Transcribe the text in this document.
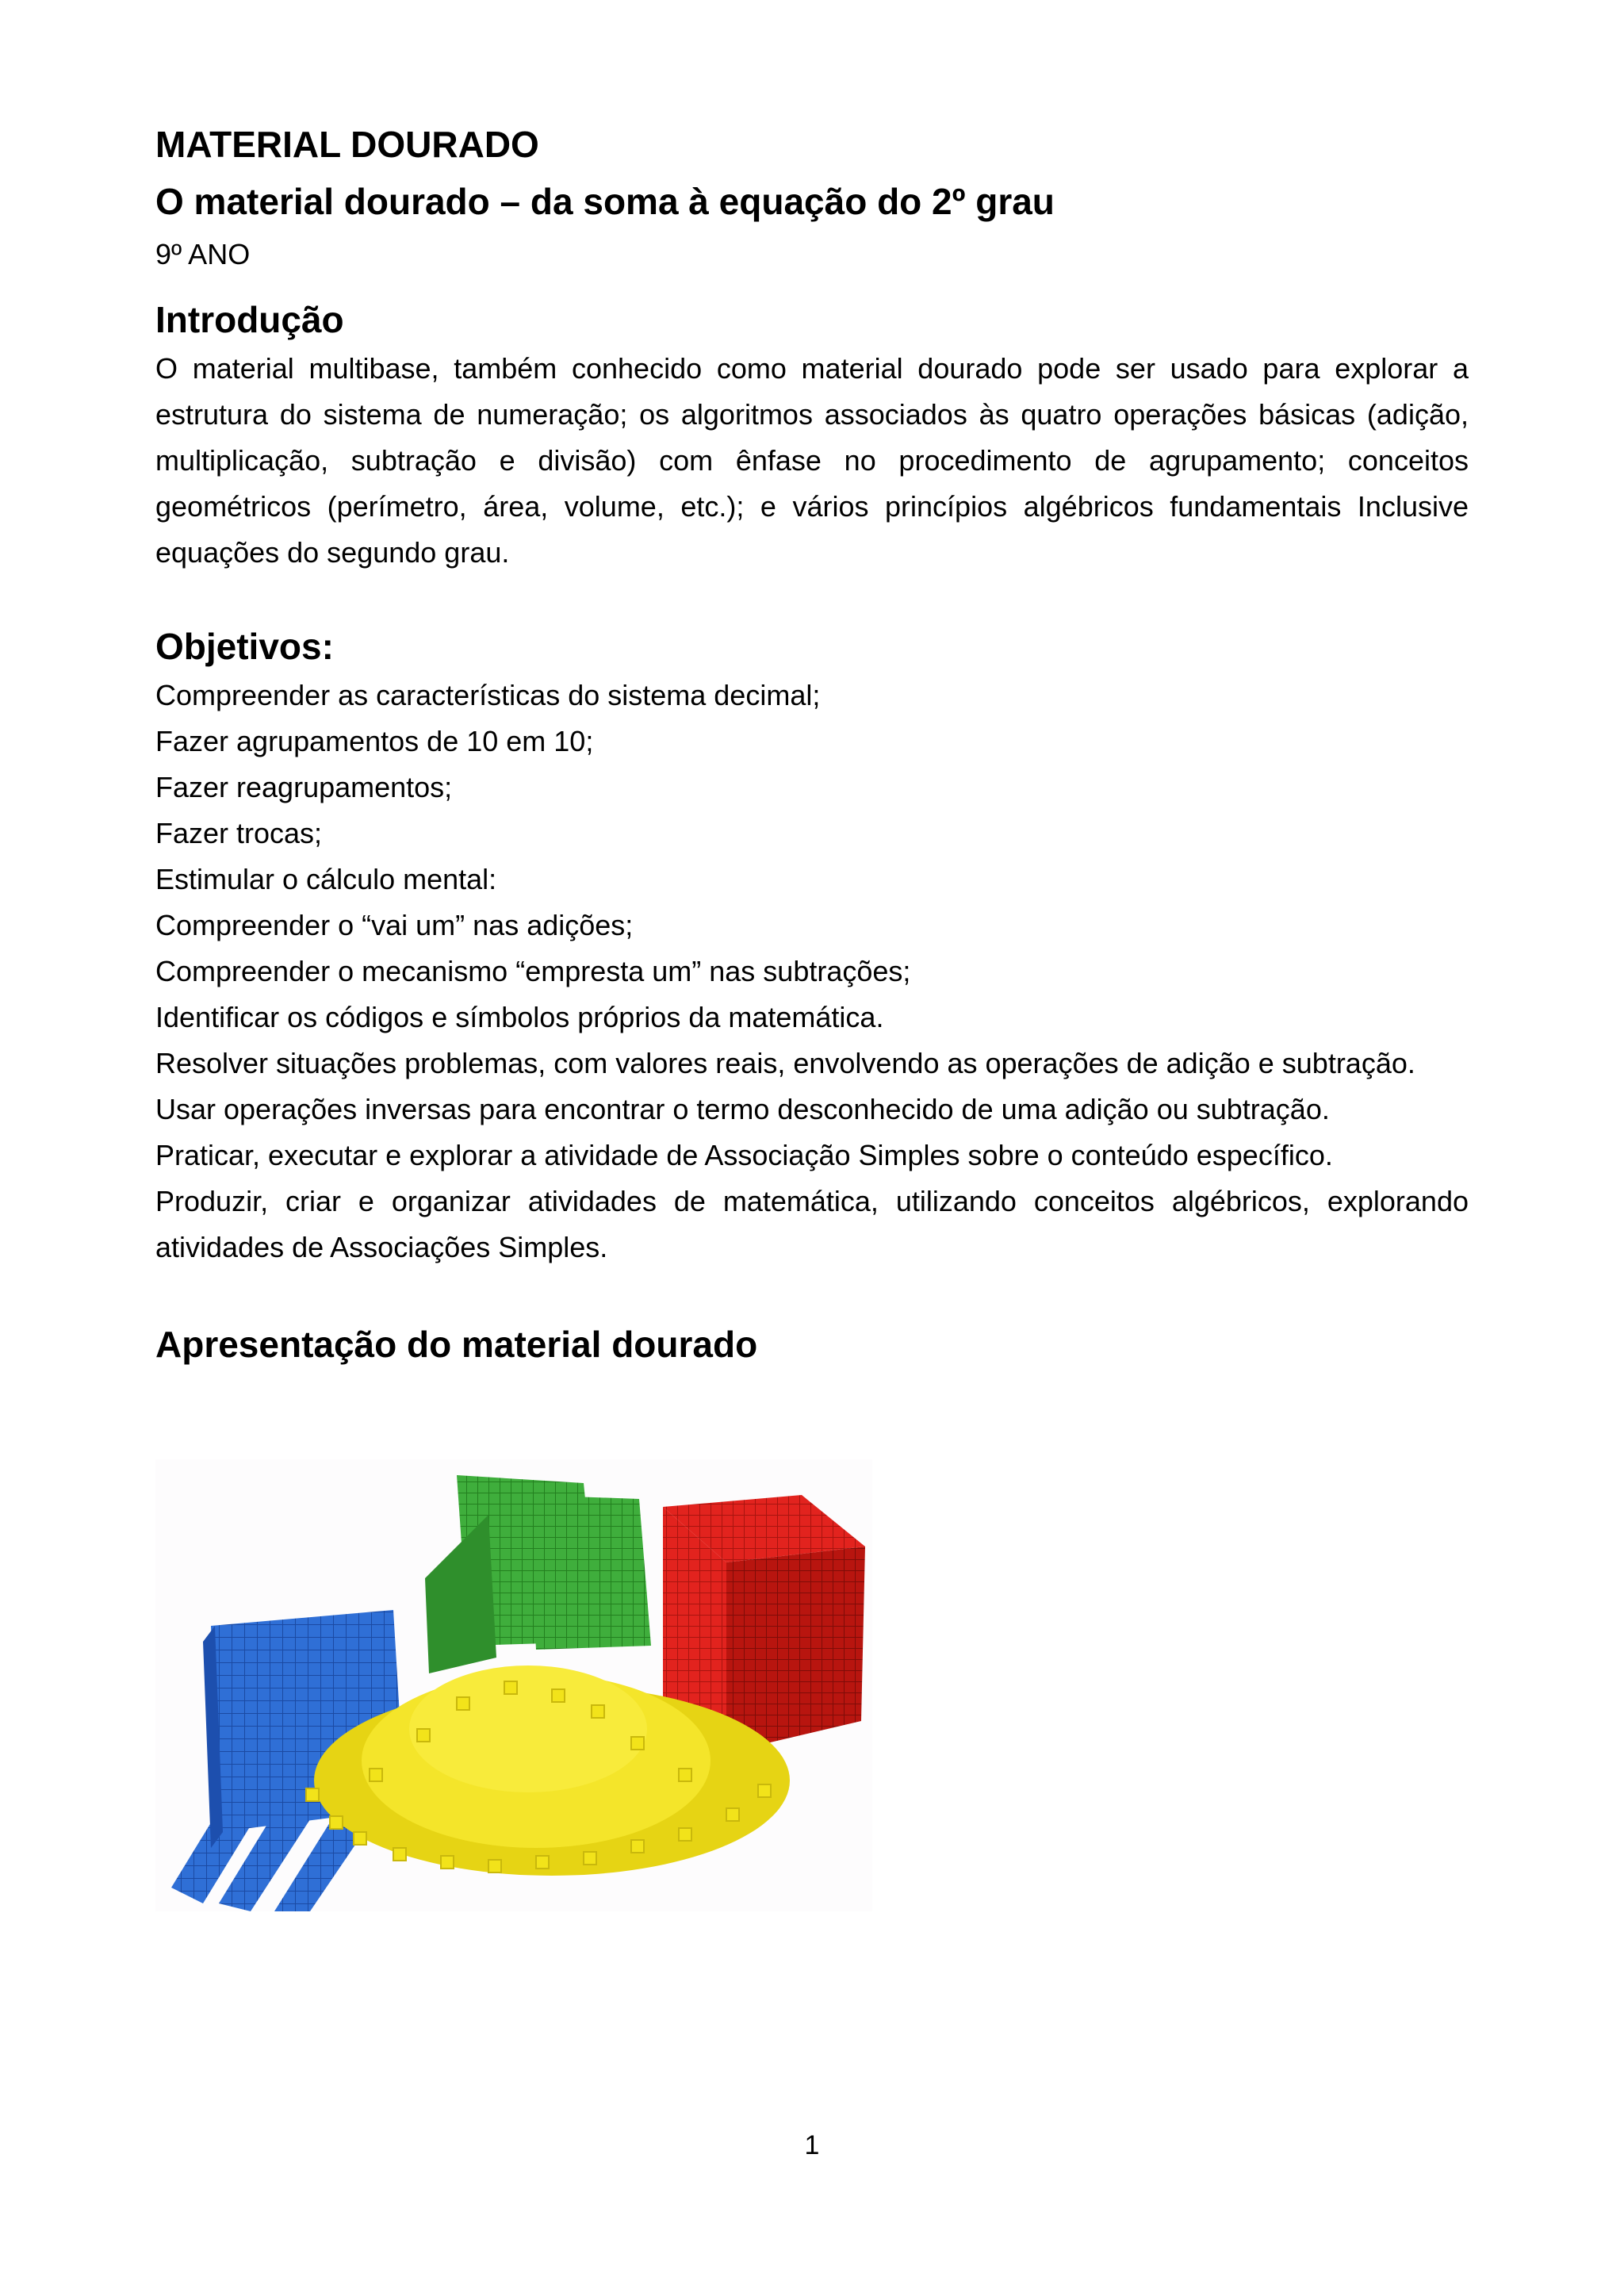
MATERIAL DOURADO
O material dourado – da soma à equação do 2º grau

9º ANO

Introdução

O material multibase, também conhecido como material dourado pode ser usado para explorar a estrutura do sistema de numeração; os algoritmos associados às quatro operações básicas (adição, multiplicação, subtração e divisão) com ênfase no procedimento de agrupamento; conceitos geométricos (perímetro, área, volume, etc.); e vários princípios algébricos fundamentais Inclusive equações do segundo grau.

Objetivos:
Compreender as características do sistema decimal;
Fazer agrupamentos de 10 em 10;
Fazer reagrupamentos;
Fazer trocas;
Estimular o cálculo mental:
Compreender o “vai um” nas adições;
Compreender o mecanismo “empresta um” nas subtrações;
Identificar os códigos e símbolos próprios da matemática.
Resolver situações problemas, com valores reais, envolvendo as operações de adição e subtração.
Usar operações inversas para encontrar o termo desconhecido de uma adição ou subtração.
Praticar, executar e explorar a atividade de Associação Simples sobre o conteúdo específico.
Produzir, criar e organizar atividades de matemática, utilizando conceitos algébricos, explorando atividades de Associações Simples.
Apresentação do material dourado
1
